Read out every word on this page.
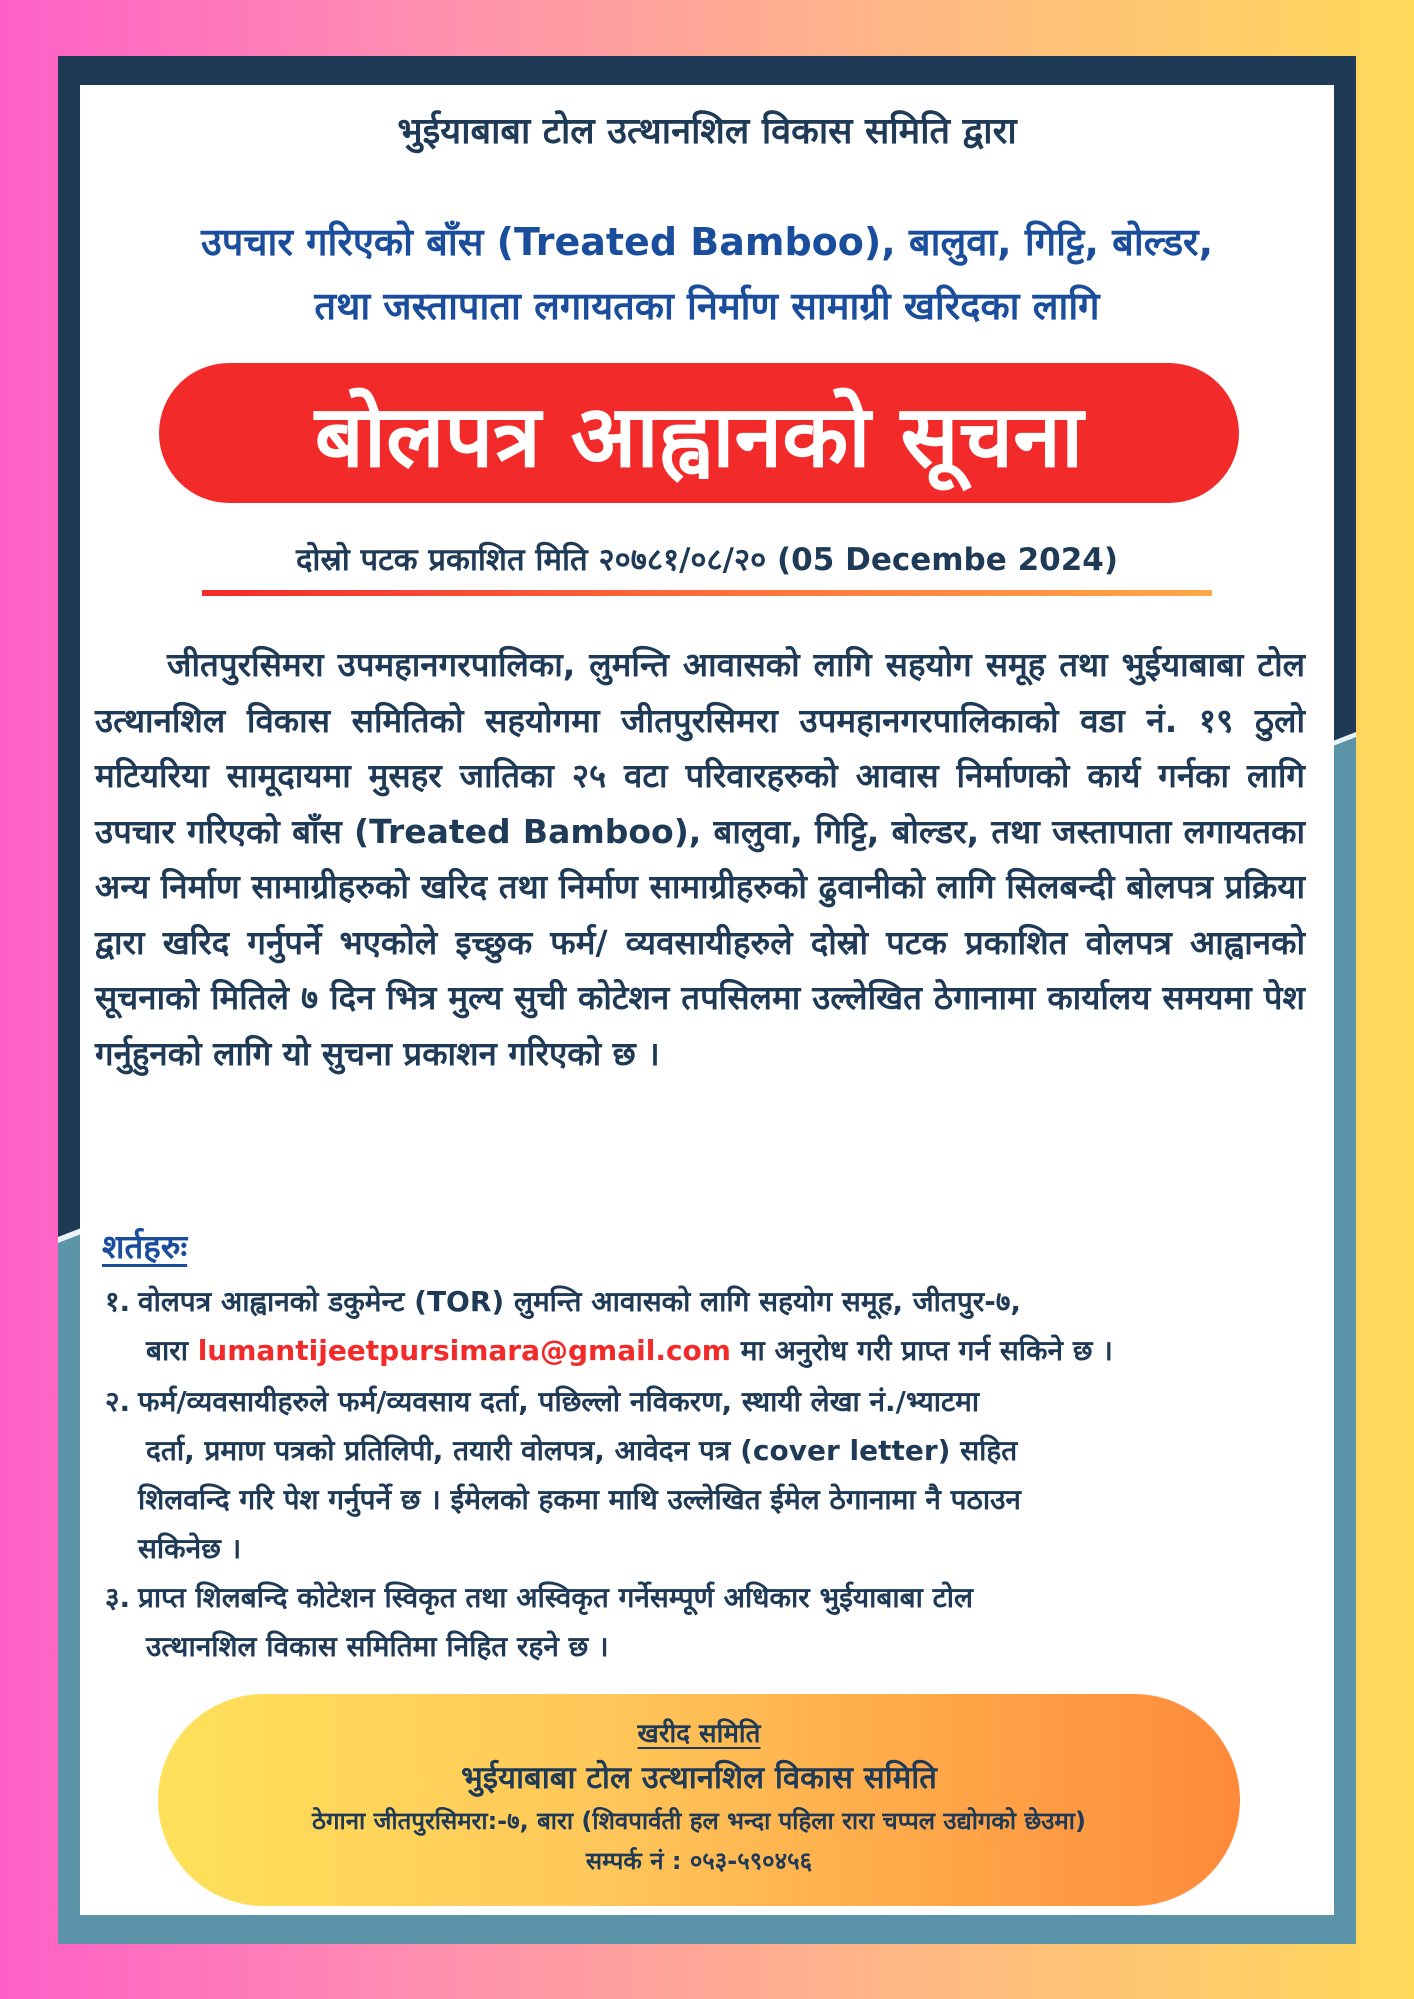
भुईयाबाबा टोल उत्थानशिल विकास समिति द्वारा
उपचार गरिएको बाँस (Treated Bamboo), बालुवा, गिट्टि, बोल्डर,
तथा जस्तापाता लगायतका निर्माण सामाग्री खरिदका लागि
बोलपत्र आह्वानको सूचना
दोस्रो पटक प्रकाशित मिति २०७८१/०८/२० (05 Decembe 2024)

जीतपुरसिमरा उपमहानगरपालिका, लुमन्ति आवासको लागि सहयोग समूह तथा भुईयाबाबा टोल उत्थानशिल विकास समितिको सहयोगमा जीतपुरसिमरा उपमहानगरपालिकाको वडा नं. १९ ठुलो मटियरिया सामूदायमा मुसहर जातिका २५ वटा परिवारहरुको आवास निर्माणको कार्य गर्नका लागि उपचार गरिएको बाँस (Treated Bamboo), बालुवा, गिट्टि, बोल्डर, तथा जस्तापाता लगायतका अन्य निर्माण सामाग्रीहरुको खरिद तथा निर्माण सामाग्रीहरुको ढुवानीको लागि सिलबन्दी बोलपत्र प्रक्रिया द्वारा खरिद गर्नुपर्ने भएकोले इच्छुक फर्म/ व्यवसायीहरुले दोस्रो पटक प्रकाशित वोलपत्र आह्वानको सूचनाको मितिले ७ दिन भित्र मुल्य सुची कोटेशन तपसिलमा उल्लेखित ठेगानामा कार्यालय समयमा पेश गर्नुहुनको लागि यो सुचना प्रकाशन गरिएको छ ।

शर्तहरुः
१. वोलपत्र आह्वानको डकुमेन्ट (TOR) लुमन्ति आवासको लागि सहयोग समूह, जीतपुर-७,
बारा lumantijeetpursimara@gmail.com मा अनुरोध गरी प्राप्त गर्न सकिने छ ।
२. फर्म/व्यवसायीहरुले फर्म/व्यवसाय दर्ता, पछिल्लो नविकरण, स्थायी लेखा नं./भ्याटमा
दर्ता, प्रमाण पत्रको प्रतिलिपी, तयारी वोलपत्र, आवेदन पत्र (cover letter) सहित
शिलवन्दि गरि पेश गर्नुपर्ने छ । ईमेलको हकमा माथि उल्लेखित ईमेल ठेगानामा नै पठाउन
सकिनेछ ।
३. प्राप्त शिलबन्दि कोटेशन स्विकृत तथा अस्विकृत गर्नेसम्पूर्ण अधिकार भुईयाबाबा टोल
उत्थानशिल विकास समितिमा निहित रहने छ ।
खरीद समिति
भुईयाबाबा टोल उत्थानशिल विकास समिति
ठेगाना जीतपुरसिमरा:-७, बारा (शिवपार्वती हल भन्दा पहिला रारा चप्पल उद्योगको छेउमा)
सम्पर्क नं : ०५३-५९०४५६
